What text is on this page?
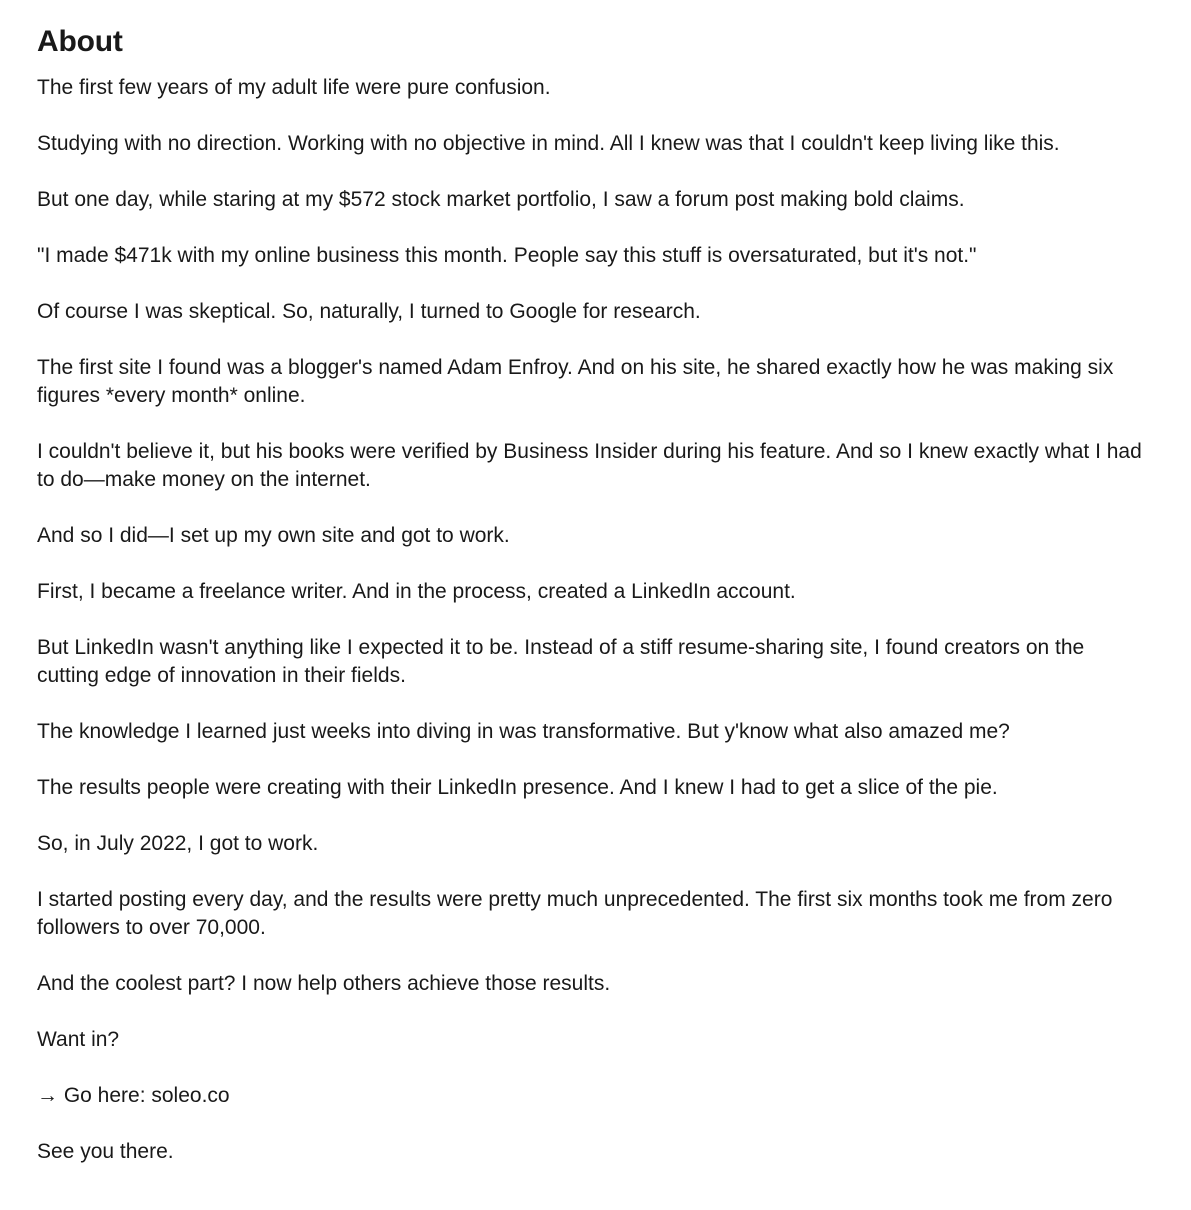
About

The first few years of my adult life were pure confusion.

Studying with no direction. Working with no objective in mind. All I knew was that I couldn't keep living like this.

But one day, while staring at my $572 stock market portfolio, I saw a forum post making bold claims.

"I made $471k with my online business this month. People say this stuff is oversaturated, but it's not."

Of course I was skeptical. So, naturally, I turned to Google for research.

The first site I found was a blogger's named Adam Enfroy. And on his site, he shared exactly how he was making six figures *every month* online.

I couldn't believe it, but his books were verified by Business Insider during his feature. And so I knew exactly what I had to do—make money on the internet.

And so I did—I set up my own site and got to work.

First, I became a freelance writer. And in the process, created a LinkedIn account.

But LinkedIn wasn't anything like I expected it to be. Instead of a stiff resume-sharing site, I found creators on the cutting edge of innovation in their fields.

The knowledge I learned just weeks into diving in was transformative. But y'know what also amazed me?

The results people were creating with their LinkedIn presence. And I knew I had to get a slice of the pie.

So, in July 2022, I got to work.

I started posting every day, and the results were pretty much unprecedented. The first six months took me from zero followers to over 70,000.

And the coolest part? I now help others achieve those results.

Want in?

→ Go here: soleo.co

See you there.
